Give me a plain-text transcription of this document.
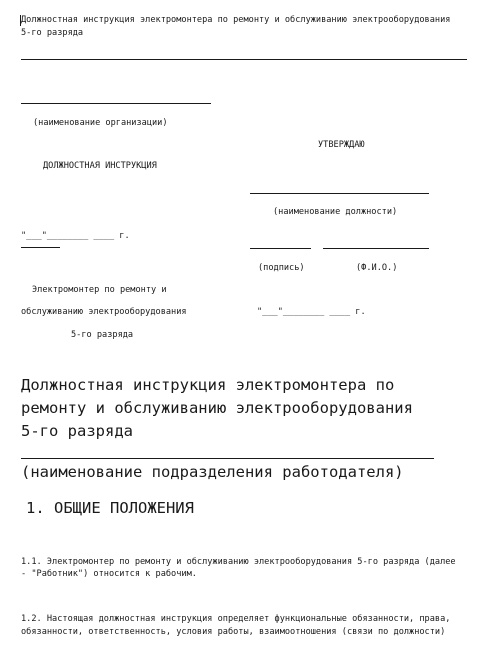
Должностная инструкция электромонтера по ремонту и обслуживанию электрооборудования
5-го разряда
(наименование организации)
УТВЕРЖДАЮ
ДОЛЖНОСТНАЯ ИНСТРУКЦИЯ
(наименование должности)
"___"________ ____ г.
(подпись)	(Ф.И.О.)
Электромонтер по ремонту и
обслуживанию электрооборудования	"___"________ ____ г.
5-го разряда
Должностная инструкция электромонтера по
ремонту и обслуживанию электрооборудования
5-го разряда
(наименование подразделения работодателя)
1. ОБЩИЕ ПОЛОЖЕНИЯ
1.1. Электромонтер по ремонту и обслуживанию электрооборудования 5-го разряда (далее
- "Работник") относится к рабочим.
1.2. Настоящая должностная инструкция определяет функциональные обязанности, права,
обязанности, ответственность, условия работы, взаимоотношения (связи по должности)
